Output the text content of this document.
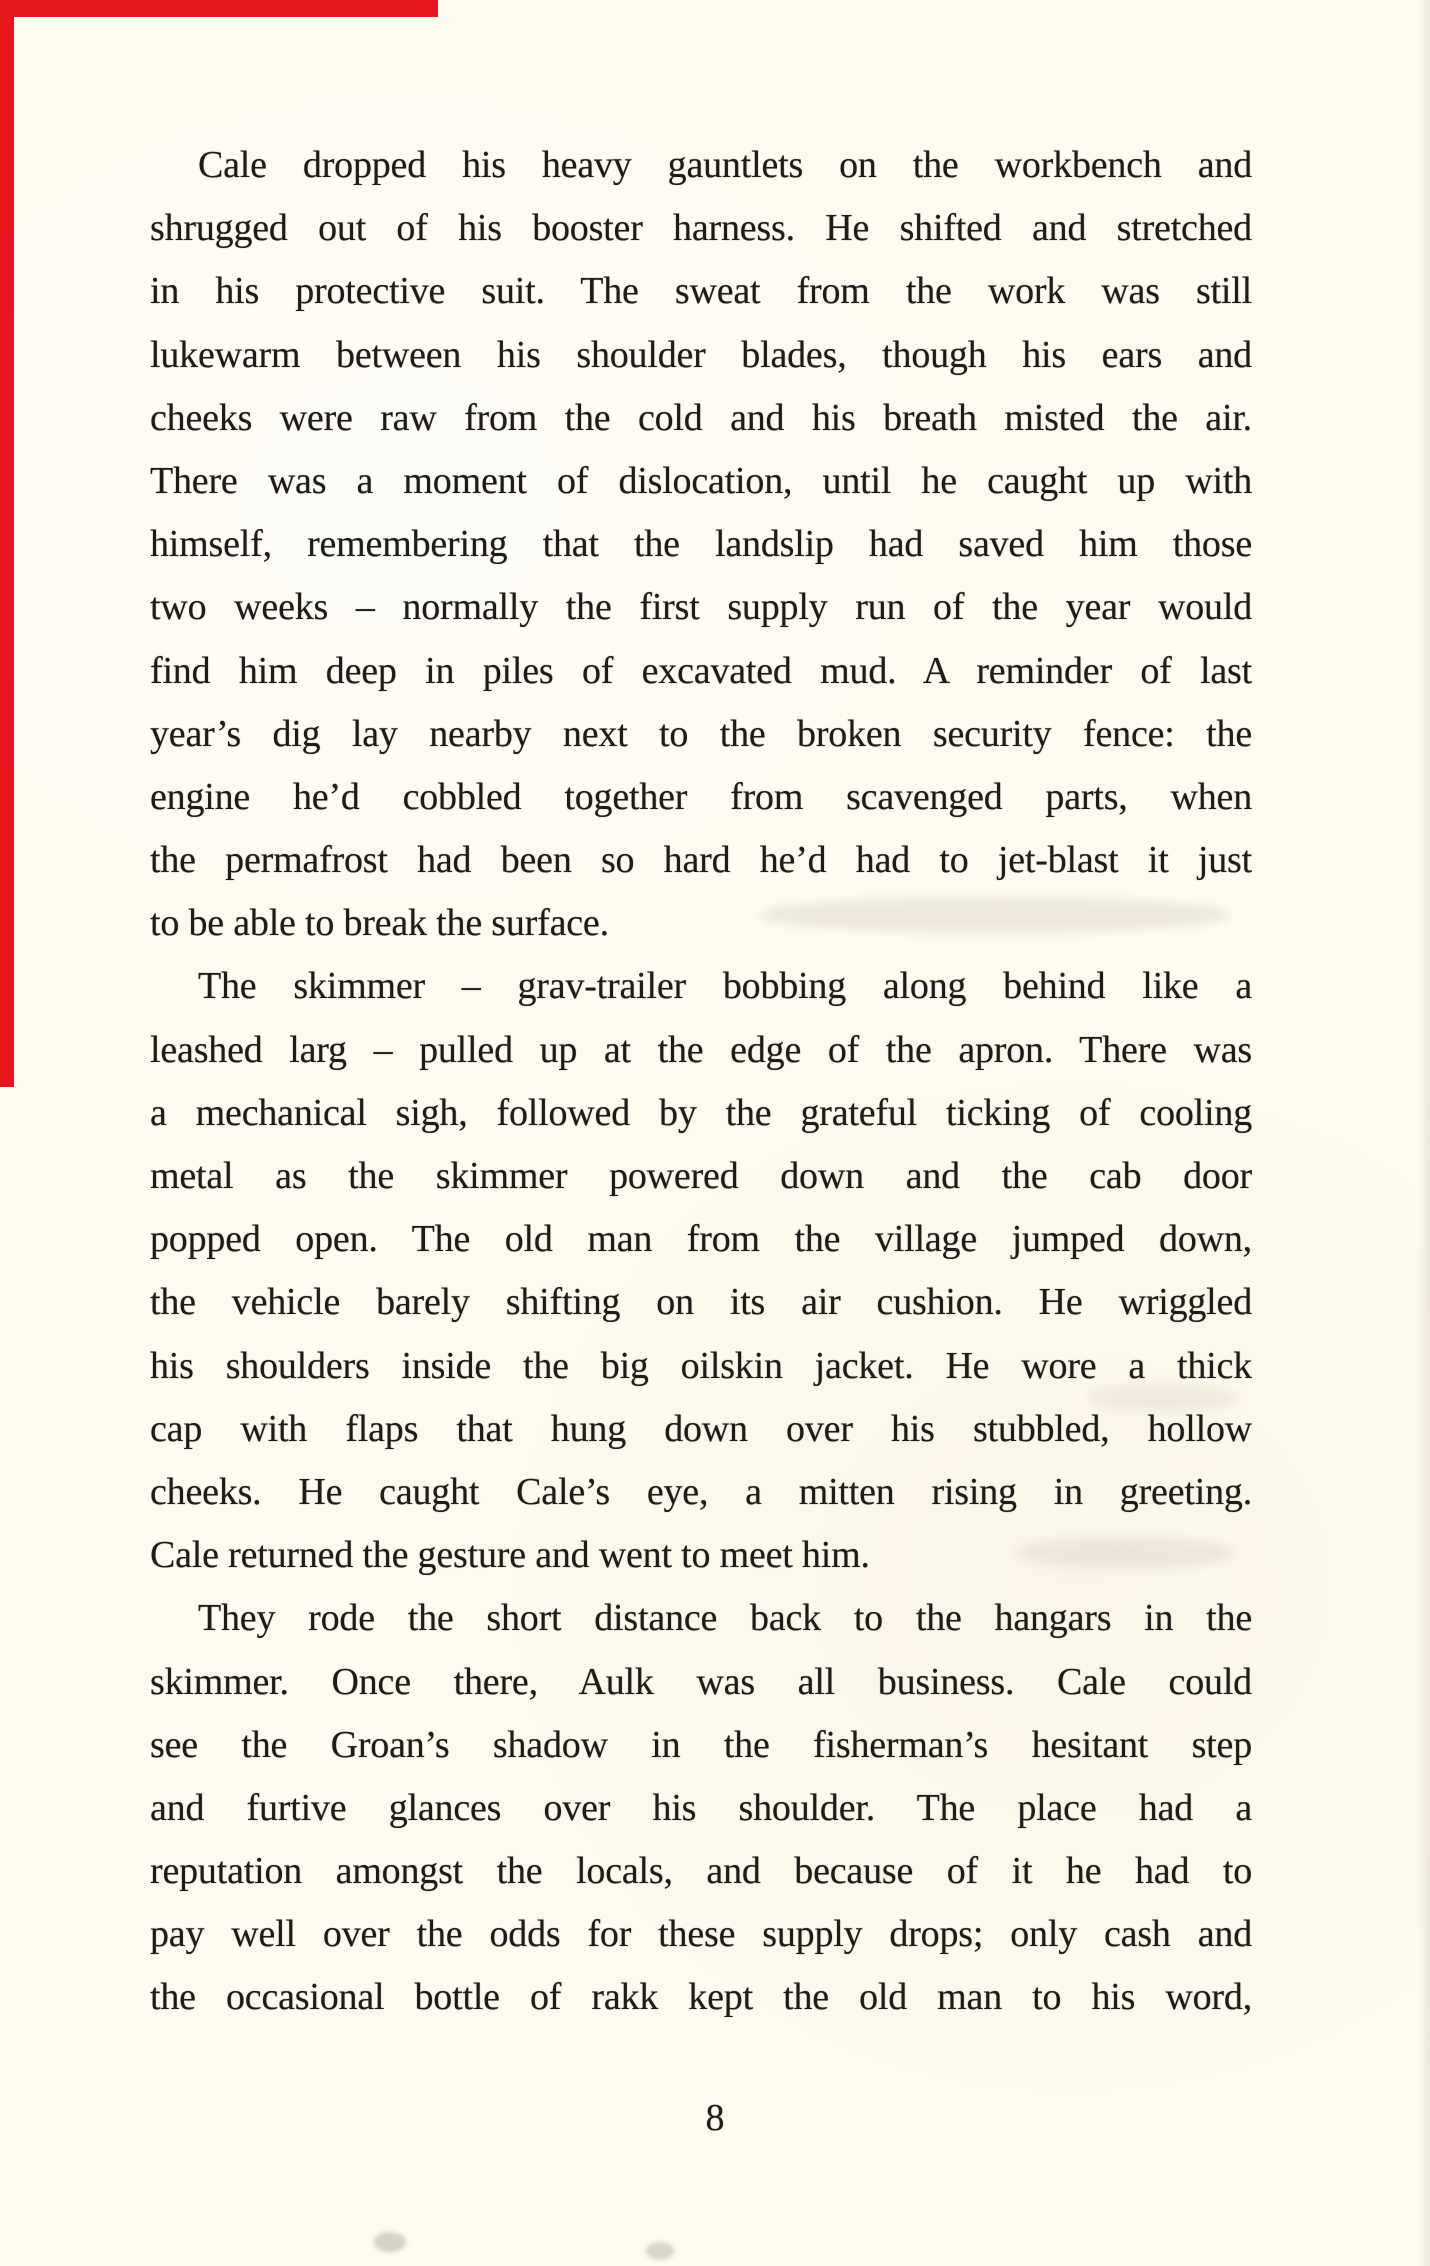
Cale dropped his heavy gauntlets on the workbench and
shrugged out of his booster harness. He shifted and stretched
in his protective suit. The sweat from the work was still
lukewarm between his shoulder blades, though his ears and
cheeks were raw from the cold and his breath misted the air.
There was a moment of dislocation, until he caught up with
himself, remembering that the landslip had saved him those
two weeks – normally the first supply run of the year would
find him deep in piles of excavated mud. A reminder of last
year’s dig lay nearby next to the broken security fence: the
engine he’d cobbled together from scavenged parts, when
the permafrost had been so hard he’d had to jet-blast it just
to be able to break the surface.
The skimmer – grav-trailer bobbing along behind like a
leashed larg – pulled up at the edge of the apron. There was
a mechanical sigh, followed by the grateful ticking of cooling
metal as the skimmer powered down and the cab door
popped open. The old man from the village jumped down,
the vehicle barely shifting on its air cushion. He wriggled
his shoulders inside the big oilskin jacket. He wore a thick
cap with flaps that hung down over his stubbled, hollow
cheeks. He caught Cale’s eye, a mitten rising in greeting.
Cale returned the gesture and went to meet him.
They rode the short distance back to the hangars in the
skimmer. Once there, Aulk was all business. Cale could
see the Groan’s shadow in the fisherman’s hesitant step
and furtive glances over his shoulder. The place had a
reputation amongst the locals, and because of it he had to
pay well over the odds for these supply drops; only cash and
the occasional bottle of rakk kept the old man to his word,
8
